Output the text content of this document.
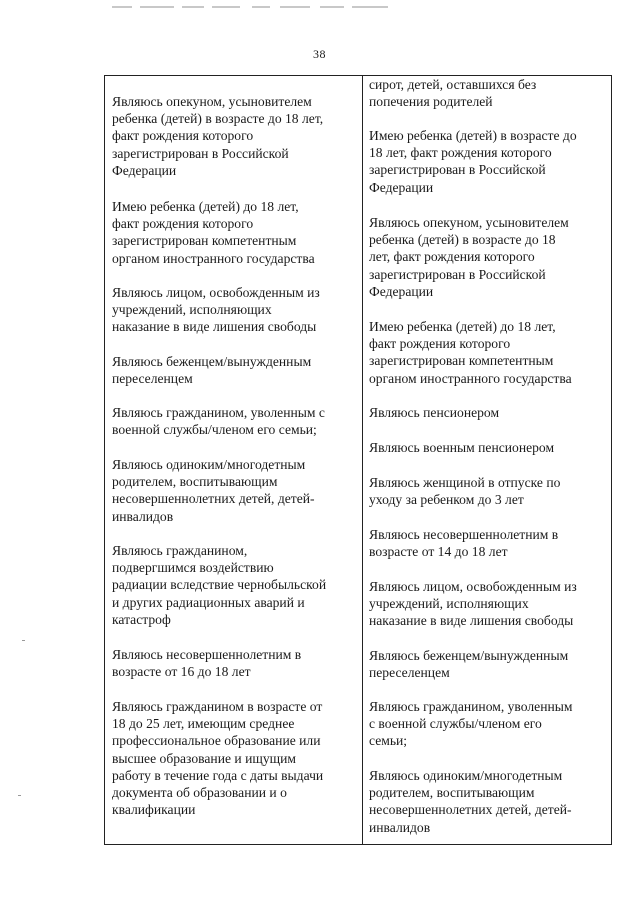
38
Являюсь опекуном, усыновителем
ребенка (детей) в возрасте до 18 лет,
факт рождения которого
зарегистрирован в Российской
Федерации
Имею ребенка (детей) до 18 лет,
факт рождения которого
зарегистрирован компетентным
органом иностранного государства
Являюсь лицом, освобожденным из
учреждений, исполняющих
наказание в виде лишения свободы
Являюсь беженцем/вынужденным
переселенцем
Являюсь гражданином, уволенным с
военной службы/членом его семьи;
Являюсь одиноким/многодетным
родителем, воспитывающим
несовершеннолетних детей, детей-
инвалидов
Являюсь гражданином,
подвергшимся воздействию
радиации вследствие чернобыльской
и других радиационных аварий и
катастроф
Являюсь несовершеннолетним в
возрасте от 16 до 18 лет
Являюсь гражданином в возрасте от
18 до 25 лет, имеющим среднее
профессиональное образование или
высшее образование и ищущим
работу в течение года с даты выдачи
документа об образовании и о
квалификации
сирот, детей, оставшихся без
попечения родителей
Имею ребенка (детей) в возрасте до
18 лет, факт рождения которого
зарегистрирован в Российской
Федерации
Являюсь опекуном, усыновителем
ребенка (детей) в возрасте до 18
лет, факт рождения которого
зарегистрирован в Российской
Федерации
Имею ребенка (детей) до 18 лет,
факт рождения которого
зарегистрирован компетентным
органом иностранного государства
Являюсь пенсионером
Являюсь военным пенсионером
Являюсь женщиной в отпуске по
уходу за ребенком до 3 лет
Являюсь несовершеннолетним в
возрасте от 14 до 18 лет
Являюсь лицом, освобожденным из
учреждений, исполняющих
наказание в виде лишения свободы
Являюсь беженцем/вынужденным
переселенцем
Являюсь гражданином, уволенным
с военной службы/членом его
семьи;
Являюсь одиноким/многодетным
родителем, воспитывающим
несовершеннолетних детей, детей-
инвалидов
